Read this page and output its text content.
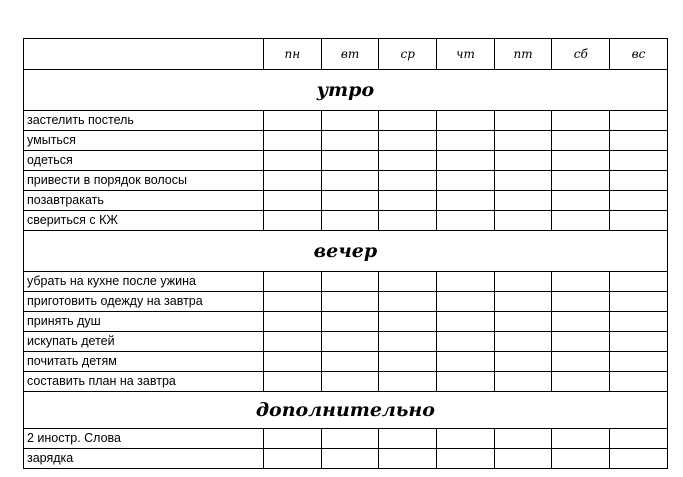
	пн	вт	ср	чт	пт	сб	вс
утро							
застелить постель							
умыться							
одеться							
привести в порядок волосы							
позавтракать							
свериться с КЖ							
вечер							
убрать на кухне после ужина							
приготовить одежду на завтра							
принять душ							
искупать детей							
почитать детям							
составить план на завтра							
дополнительно							
2 иностр. Слова							
зарядка							
